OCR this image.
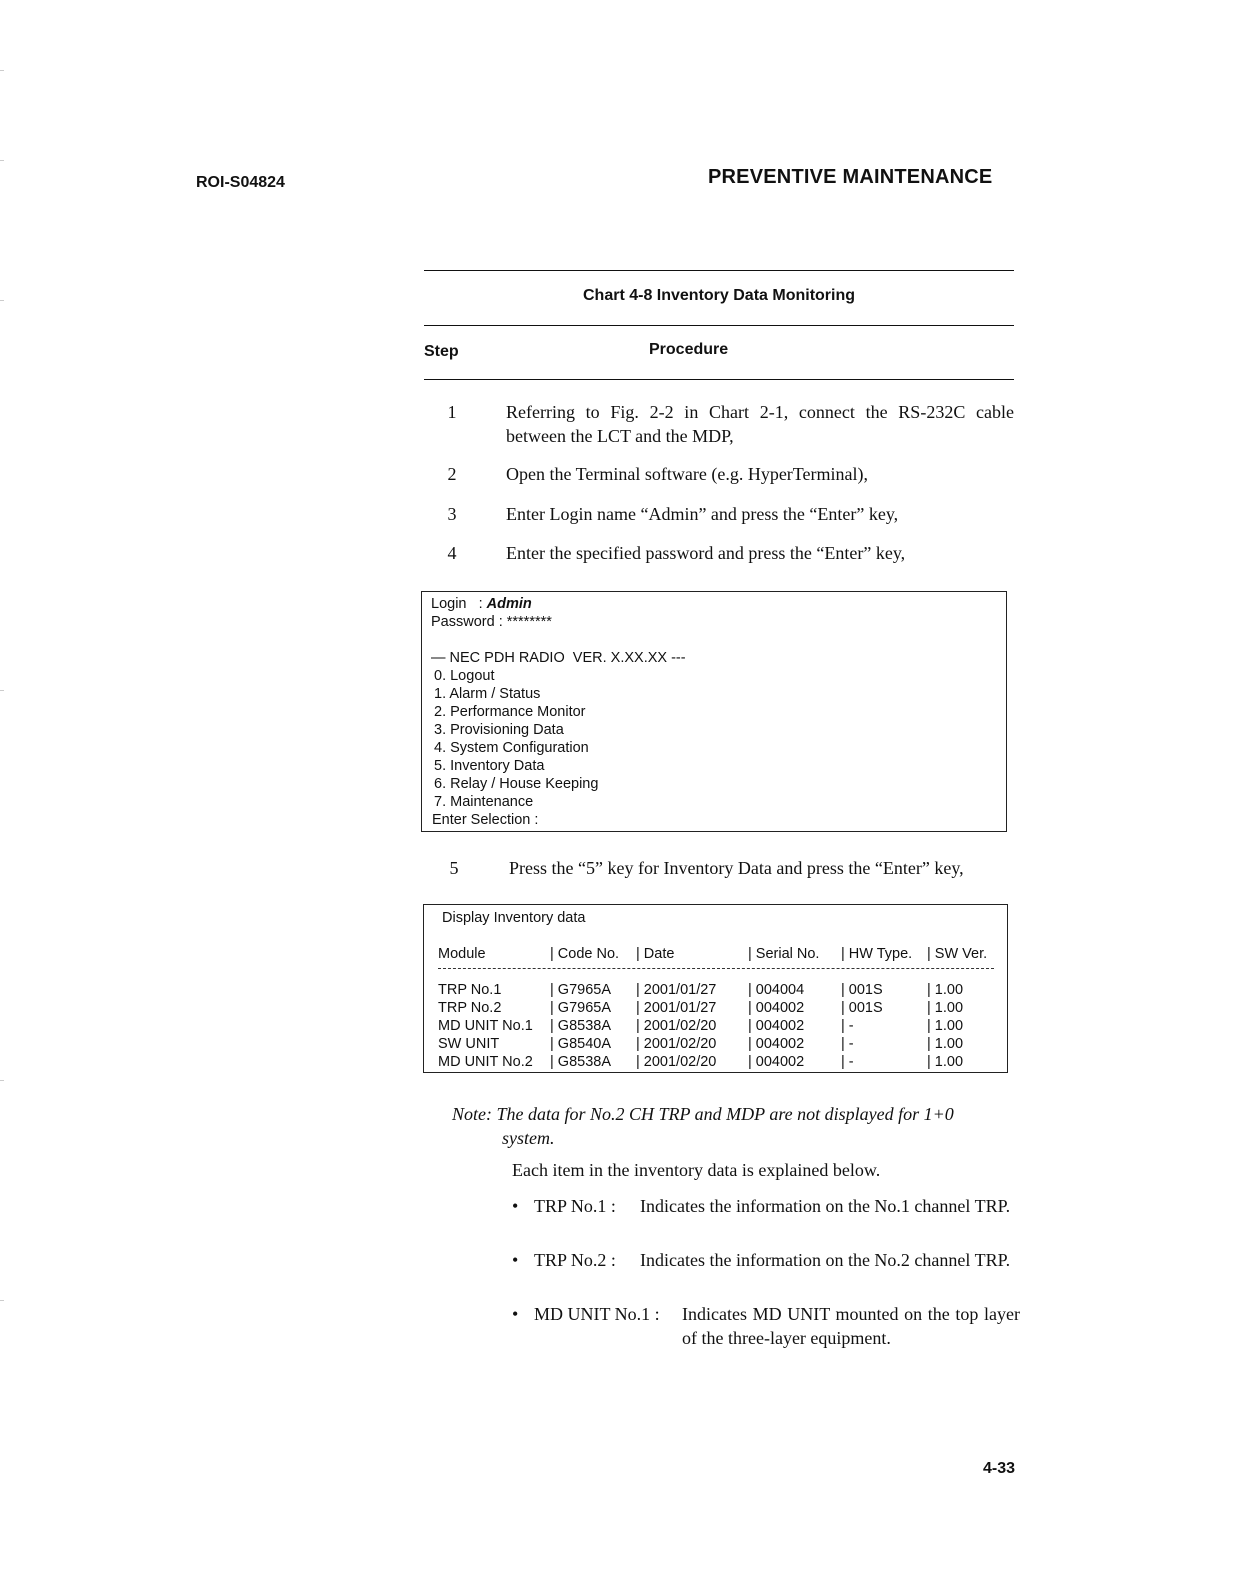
ROI-S04824	PREVENTIVE MAINTENANCE
Chart 4-8 Inventory Data Monitoring
Step	Procedure
1	Referring to Fig. 2-2 in Chart 2-1, connect the RS-232C cable between the LCT and the MDP,
2	Open the Terminal software (e.g. HyperTerminal),
3	Enter Login name “Admin” and press the “Enter” key,
4	Enter the specified password and press the “Enter” key,
Login   : Admin
Password : ********
— NEC PDH RADIO  VER. X.XX.XX ---
0. Logout
1. Alarm / Status
2. Performance Monitor
3. Provisioning Data
4. System Configuration
5. Inventory Data
6. Relay / House Keeping
7. Maintenance
Enter Selection :
5	Press the “5” key for Inventory Data and press the “Enter” key,
Display Inventory data
Module	| Code No. | Date	| Serial No. | HW Type. | SW Ver.
TRP No.1	| G7965A | 2001/01/27 | 004004	| 001S	| 1.00
TRP No.2	| G7965A | 2001/01/27 | 004002	| 001S	| 1.00
MD UNIT No.1 | G8538A | 2001/02/20 | 004002	| -	| 1.00
SW UNIT	| G8540A | 2001/02/20 | 004002	| -	| 1.00
MD UNIT No.2 | G8538A | 2001/02/20 | 004002	| -	| 1.00
Note: The data for No.2 CH TRP and MDP are not displayed for 1+0
system.
Each item in the inventory data is explained below.
• TRP No.1 : Indicates the information on the No.1 channel TRP.
• TRP No.2 : Indicates the information on the No.2 channel TRP.
• MD UNIT No.1 : Indicates MD UNIT mounted on the top layer of the three-layer equipment.
4-33
